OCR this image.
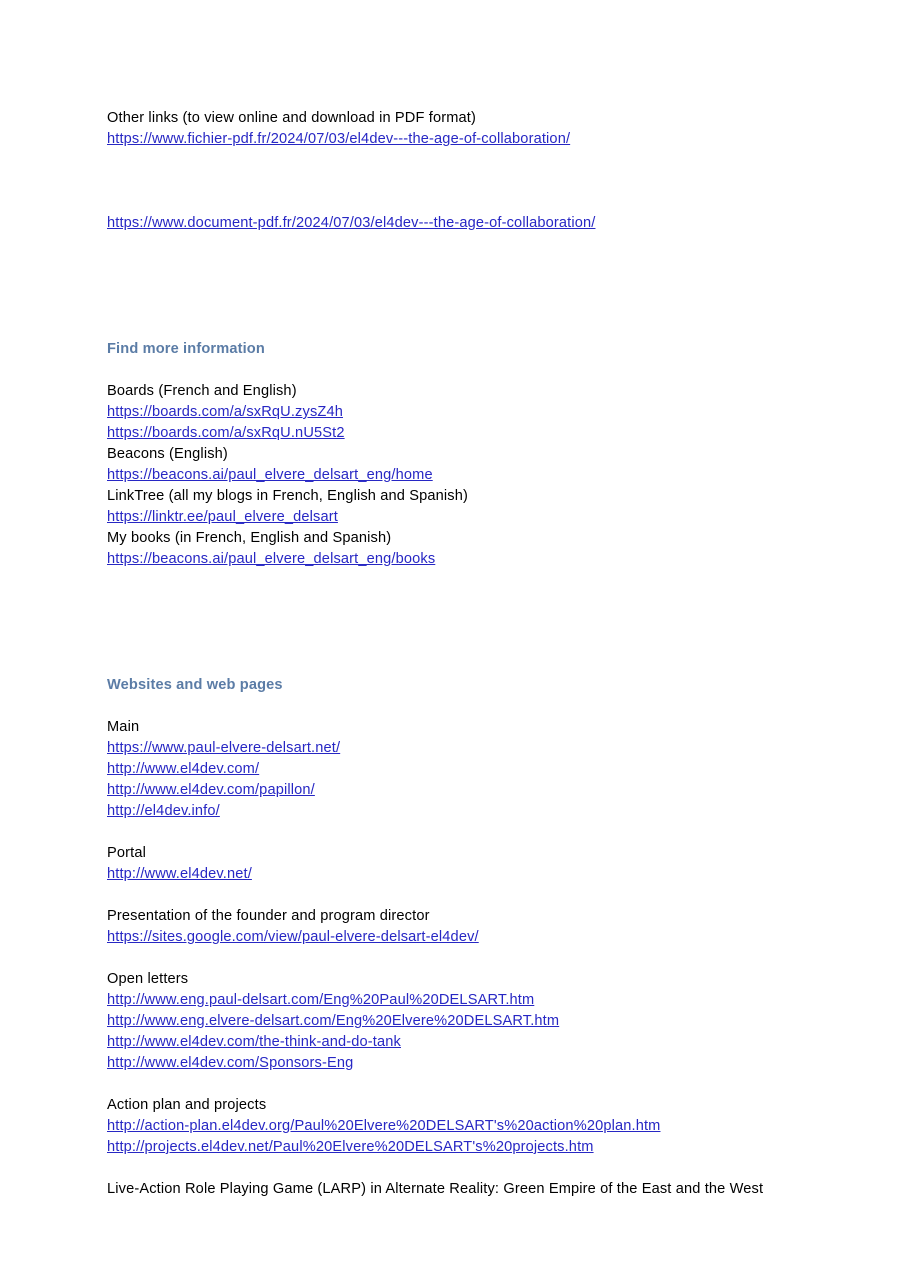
Other links (to view online and download in PDF format)
https://www.fichier-pdf.fr/2024/07/03/el4dev---the-age-of-collaboration/
https://www.document-pdf.fr/2024/07/03/el4dev---the-age-of-collaboration/
Find more information
Boards (French and English)
https://boards.com/a/sxRqU.zysZ4h
https://boards.com/a/sxRqU.nU5St2
Beacons (English)
https://beacons.ai/paul_elvere_delsart_eng/home
LinkTree (all my blogs in French, English and Spanish)
https://linktr.ee/paul_elvere_delsart
My books (in French, English and Spanish)
https://beacons.ai/paul_elvere_delsart_eng/books
Websites and web pages
Main
https://www.paul-elvere-delsart.net/
http://www.el4dev.com/
http://www.el4dev.com/papillon/
http://el4dev.info/
Portal
http://www.el4dev.net/
Presentation of the founder and program director
https://sites.google.com/view/paul-elvere-delsart-el4dev/
Open letters
http://www.eng.paul-delsart.com/Eng%20Paul%20DELSART.htm
http://www.eng.elvere-delsart.com/Eng%20Elvere%20DELSART.htm
http://www.el4dev.com/the-think-and-do-tank
http://www.el4dev.com/Sponsors-Eng
Action plan and projects
http://action-plan.el4dev.org/Paul%20Elvere%20DELSART's%20action%20plan.htm
http://projects.el4dev.net/Paul%20Elvere%20DELSART's%20projects.htm
Live-Action Role Playing Game (LARP) in Alternate Reality: Green Empire of the East and the West
